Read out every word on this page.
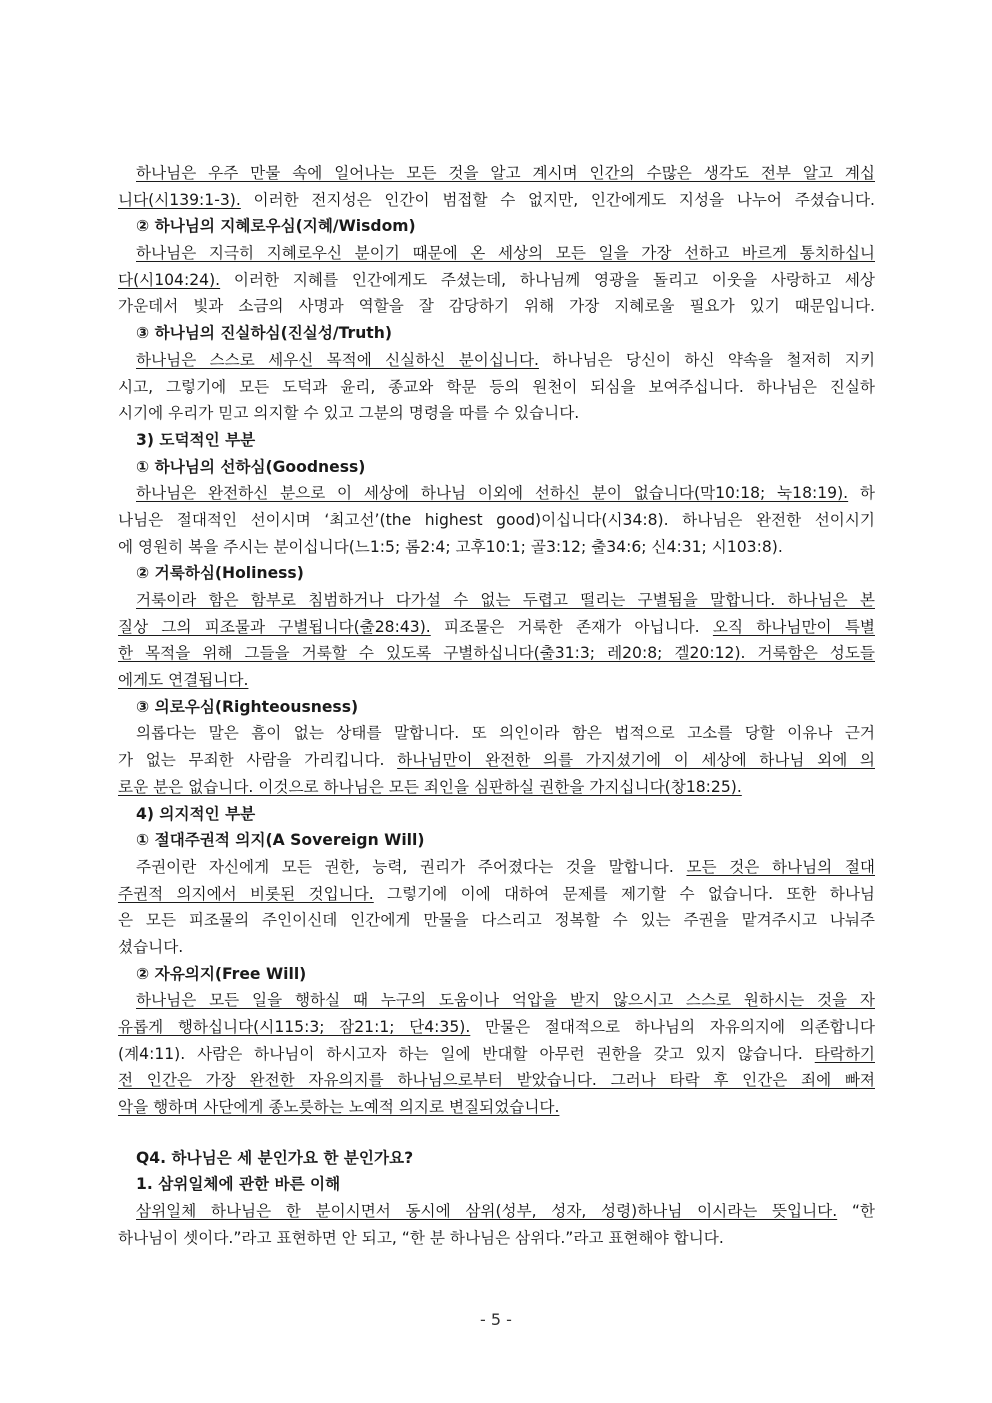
하나님은 우주 만물 속에 일어나는 모든 것을 알고 계시며 인간의 수많은 생각도 전부 알고 계십
니다(시139:1-3). 이러한 전지성은 인간이 범접할 수 없지만, 인간에게도 지성을 나누어 주셨습니다.
② 하나님의 지혜로우심(지혜/Wisdom)
하나님은 지극히 지혜로우신 분이기 때문에 온 세상의 모든 일을 가장 선하고 바르게 통치하십니
다(시104:24). 이러한 지혜를 인간에게도 주셨는데, 하나님께 영광을 돌리고 이웃을 사랑하고 세상
가운데서 빛과 소금의 사명과 역할을 잘 감당하기 위해 가장 지혜로울 필요가 있기 때문입니다.
③ 하나님의 진실하심(진실성/Truth)
하나님은 스스로 세우신 목적에 신실하신 분이십니다. 하나님은 당신이 하신 약속을 철저히 지키
시고, 그렇기에 모든 도덕과 윤리, 종교와 학문 등의 원천이 되심을 보여주십니다. 하나님은 진실하
시기에 우리가 믿고 의지할 수 있고 그분의 명령을 따를 수 있습니다.
3) 도덕적인 부분
① 하나님의 선하심(Goodness)
하나님은 완전하신 분으로 이 세상에 하나님 이외에 선하신 분이 없습니다(막10:18; 눅18:19). 하
나님은 절대적인 선이시며 ‘최고선’(the highest good)이십니다(시34:8). 하나님은 완전한 선이시기
에 영원히 복을 주시는 분이십니다(느1:5; 롬2:4; 고후10:1; 골3:12; 출34:6; 신4:31; 시103:8).
② 거룩하심(Holiness)
거룩이라 함은 함부로 침범하거나 다가설 수 없는 두렵고 떨리는 구별됨을 말합니다. 하나님은 본
질상 그의 피조물과 구별됩니다(출28:43). 피조물은 거룩한 존재가 아닙니다. 오직 하나님만이 특별
한 목적을 위해 그들을 거룩할 수 있도록 구별하십니다(출31:3; 레20:8; 겔20:12). 거룩함은 성도들
에게도 연결됩니다.
③ 의로우심(Righteousness)
의롭다는 말은 흠이 없는 상태를 말합니다. 또 의인이라 함은 법적으로 고소를 당할 이유나 근거
가 없는 무죄한 사람을 가리킵니다. 하나님만이 완전한 의를 가지셨기에 이 세상에 하나님 외에 의
로운 분은 없습니다. 이것으로 하나님은 모든 죄인을 심판하실 권한을 가지십니다(창18:25).
4) 의지적인 부분
① 절대주권적 의지(A Sovereign Will)
주권이란 자신에게 모든 권한, 능력, 권리가 주어졌다는 것을 말합니다. 모든 것은 하나님의 절대
주권적 의지에서 비롯된 것입니다. 그렇기에 이에 대하여 문제를 제기할 수 없습니다. 또한 하나님
은 모든 피조물의 주인이신데 인간에게 만물을 다스리고 정복할 수 있는 주권을 맡겨주시고 나눠주
셨습니다.
② 자유의지(Free Will)
하나님은 모든 일을 행하실 때 누구의 도움이나 억압을 받지 않으시고 스스로 원하시는 것을 자
유롭게 행하십니다(시115:3; 잠21:1; 단4:35). 만물은 절대적으로 하나님의 자유의지에 의존합니다
(계4:11). 사람은 하나님이 하시고자 하는 일에 반대할 아무런 권한을 갖고 있지 않습니다. 타락하기
전 인간은 가장 완전한 자유의지를 하나님으로부터 받았습니다. 그러나 타락 후 인간은 죄에 빠져
악을 행하며 사단에게 종노릇하는 노예적 의지로 변질되었습니다.
Q4. 하나님은 세 분인가요 한 분인가요?
1. 삼위일체에 관한 바른 이해
삼위일체 하나님은 한 분이시면서 동시에 삼위(성부, 성자, 성령)하나님 이시라는 뜻입니다. “한
하나님이 셋이다.”라고 표현하면 안 되고, “한 분 하나님은 삼위다.”라고 표현해야 합니다.
- 5 -
